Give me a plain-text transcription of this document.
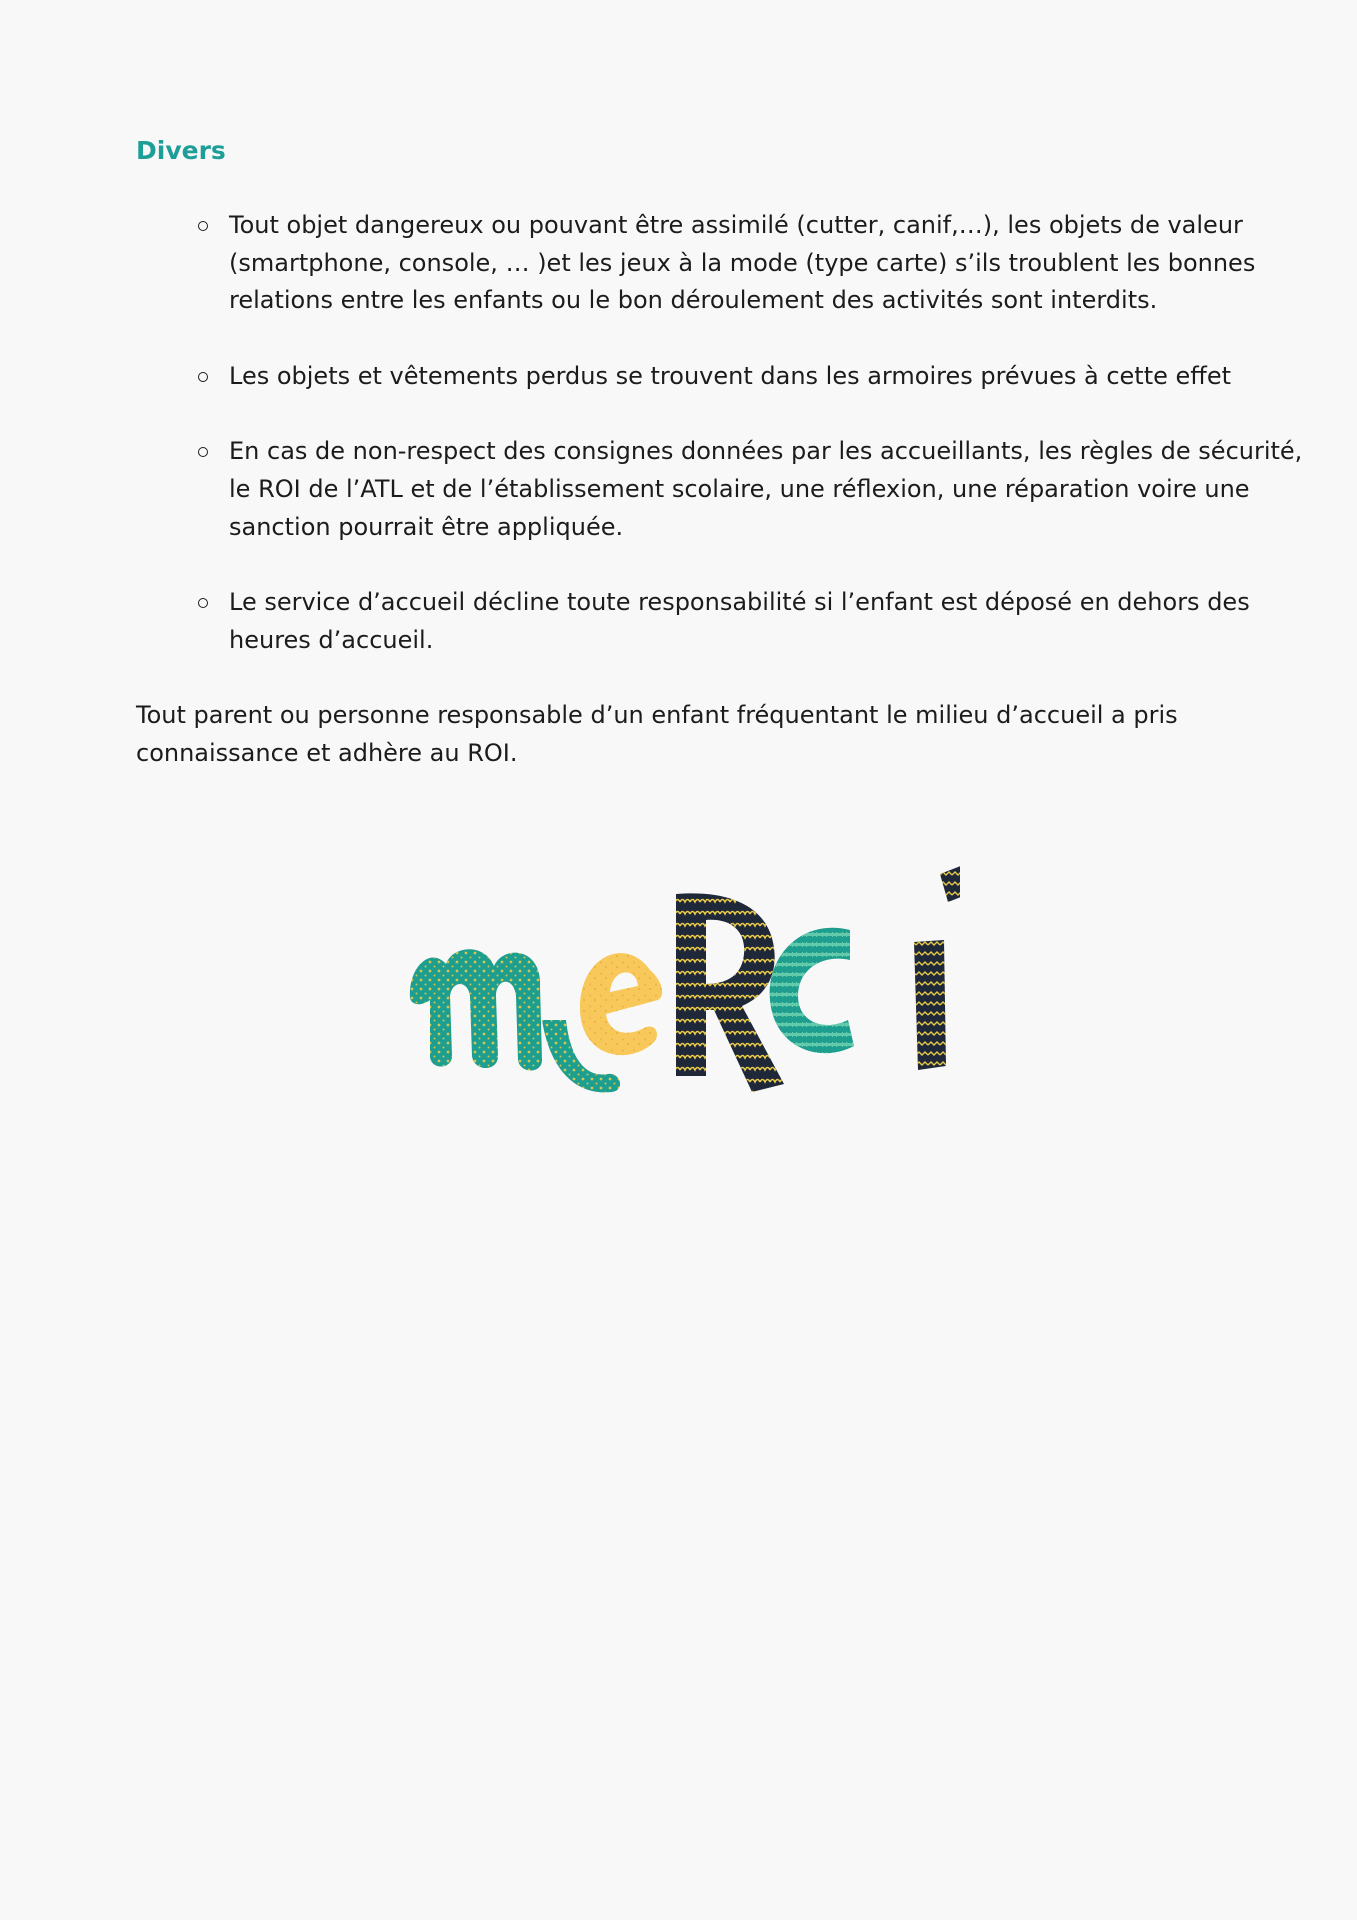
Divers
Tout objet dangereux ou pouvant être assimilé (cutter, canif,…), les objets de valeur (smartphone, console, … )et les jeux à la mode (type carte) s’ils troublent les bonnes relations entre les enfants ou le bon déroulement des activités sont interdits.
Les objets et vêtements perdus se trouvent dans les armoires prévues à cette effet
En cas de non-respect des consignes données par les accueillants, les règles de sécurité, le ROI de l’ATL et de l’établissement scolaire, une réflexion, une réparation voire une sanction pourrait être appliquée.
Le service d’accueil décline toute responsabilité si l’enfant est déposé en dehors des heures d’accueil.

Tout parent ou personne responsable d’un enfant fréquentant le milieu d’accueil a pris connaissance et adhère au ROI.
